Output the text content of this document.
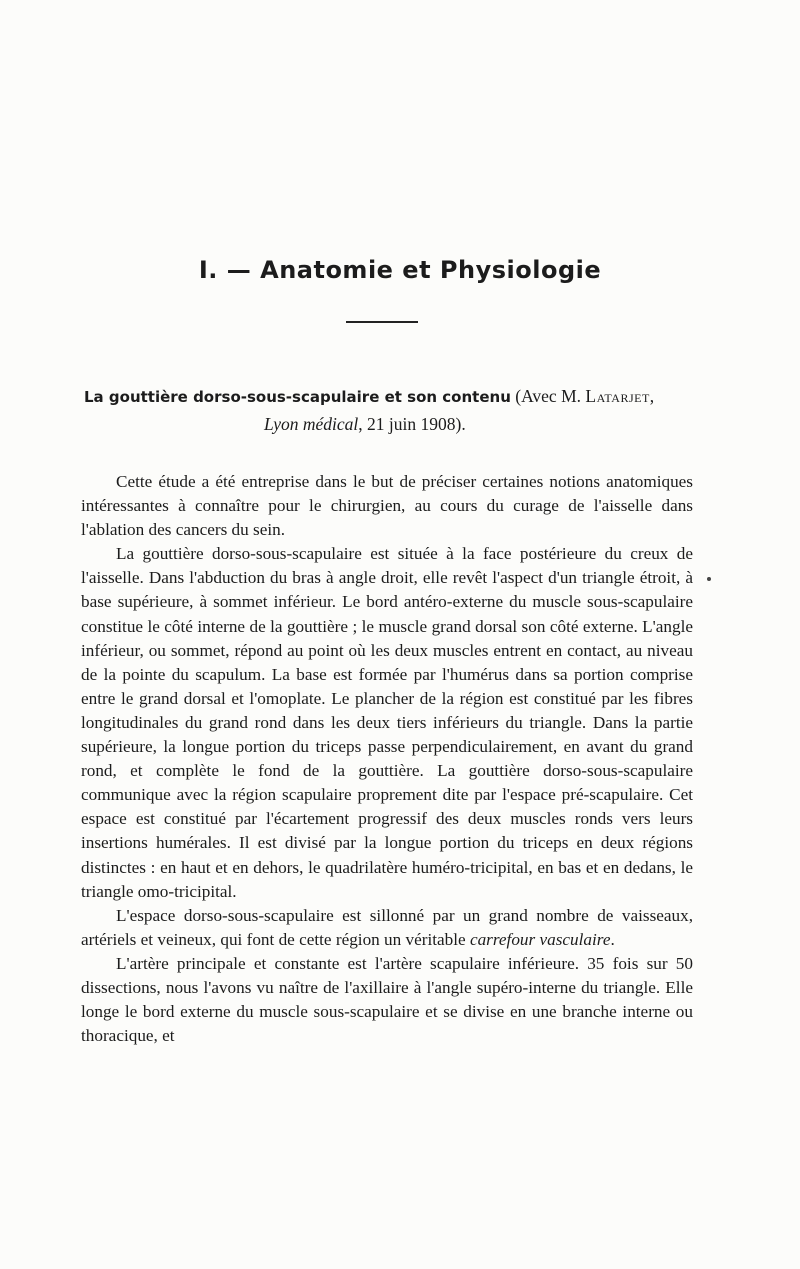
I. — Anatomie et Physiologie
La gouttière dorso-sous-scapulaire et son contenu (Avec M. Latarjet,
Lyon médical, 21 juin 1908).

Cette étude a été entreprise dans le but de préciser certaines notions anatomiques intéressantes à connaître pour le chirurgien, au cours du curage de l'aisselle dans l'ablation des cancers du sein.

La gouttière dorso-sous-scapulaire est située à la face postérieure du creux de l'aisselle. Dans l'abduction du bras à angle droit, elle revêt l'aspect d'un triangle étroit, à base supérieure, à sommet inférieur. Le bord antéro-externe du muscle sous-scapulaire constitue le côté interne de la gouttière ; le muscle grand dorsal son côté externe. L'angle inférieur, ou sommet, répond au point où les deux muscles entrent en contact, au niveau de la pointe du scapulum. La base est formée par l'humérus dans sa portion comprise entre le grand dorsal et l'omoplate. Le plancher de la région est constitué par les fibres longitudinales du grand rond dans les deux tiers inférieurs du triangle. Dans la partie supérieure, la longue portion du triceps passe perpendiculairement, en avant du grand rond, et complète le fond de la gouttière. La gouttière dorso-sous-scapulaire communique avec la région scapulaire proprement dite par l'espace pré-scapulaire. Cet espace est constitué par l'écartement progressif des deux muscles ronds vers leurs insertions humérales. Il est divisé par la longue portion du triceps en deux régions distinctes : en haut et en dehors, le quadrilatère huméro-tricipital, en bas et en dedans, le triangle omo-tricipital.

L'espace dorso-sous-scapulaire est sillonné par un grand nombre de vaisseaux, artériels et veineux, qui font de cette région un véritable carrefour vasculaire.

L'artère principale et constante est l'artère scapulaire inférieure. 35 fois sur 50 dissections, nous l'avons vu naître de l'axillaire à l'angle supéro-interne du triangle. Elle longe le bord externe du muscle sous-scapulaire et se divise en une branche interne ou thoracique, et
